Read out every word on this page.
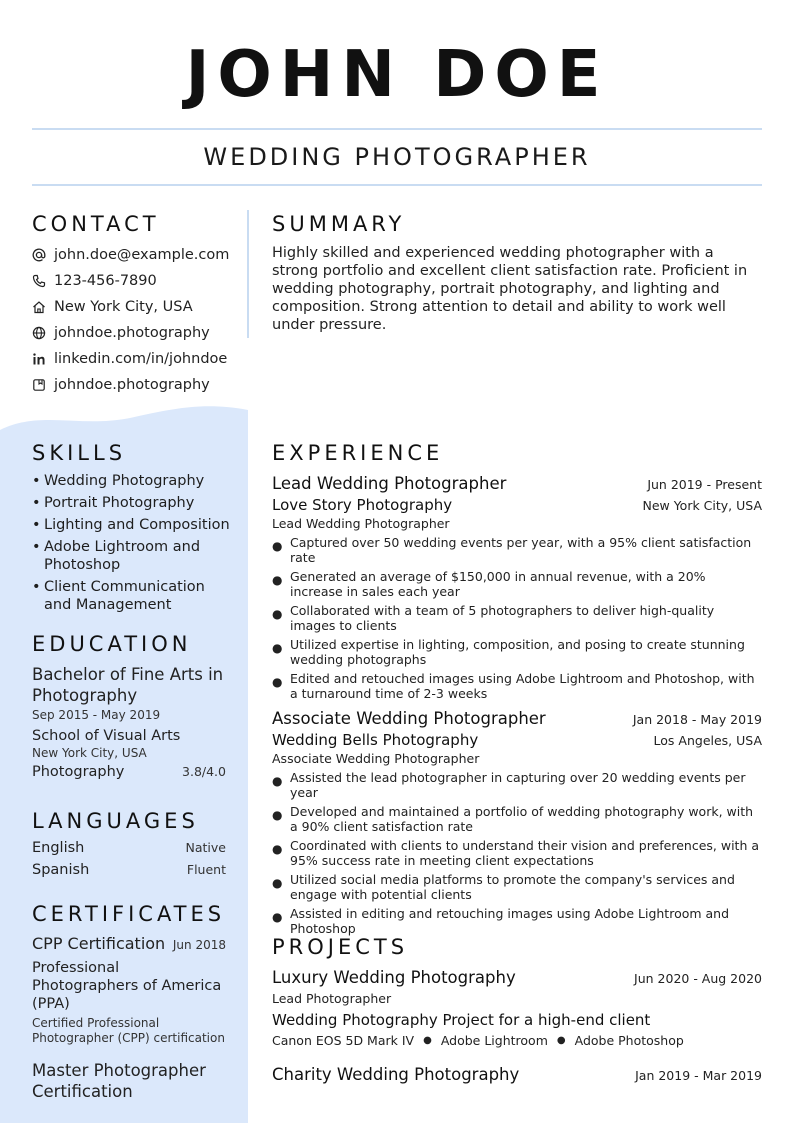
JOHN DOE
WEDDING PHOTOGRAPHER
CONTACT
john.doe@example.com
123-456-7890
New York City, USA
johndoe.photography
linkedin.com/in/johndoe
johndoe.photography
SKILLS
• Wedding Photography
• Portrait Photography
• Lighting and Composition
• Adobe Lightroom and Photoshop
• Client Communication and Management
EDUCATION
Bachelor of Fine Arts in Photography
Sep 2015 - May 2019
School of Visual Arts
New York City, USA
Photography	3.8/4.0
LANGUAGES
English	Native
Spanish	Fluent
CERTIFICATES
CPP Certification Jun 2018
Professional Photographers of America (PPA)
Certified Professional Photographer (CPP) certification
Master Photographer Certification
SUMMARY
Highly skilled and experienced wedding photographer with a strong portfolio and excellent client satisfaction rate. Proficient in wedding photography, portrait photography, and lighting and composition. Strong attention to detail and ability to work well under pressure.
EXPERIENCE
Lead Wedding Photographer	Jun 2019 - Present
Love Story Photography	New York City, USA
Lead Wedding Photographer
● Captured over 50 wedding events per year, with a 95% client satisfaction rate
● Generated an average of $150,000 in annual revenue, with a 20% increase in sales each year
● Collaborated with a team of 5 photographers to deliver high-quality images to clients
● Utilized expertise in lighting, composition, and posing to create stunning wedding photographs
● Edited and retouched images using Adobe Lightroom and Photoshop, with a turnaround time of 2-3 weeks
Associate Wedding Photographer	Jan 2018 - May 2019
Wedding Bells Photography	Los Angeles, USA
Associate Wedding Photographer
● Assisted the lead photographer in capturing over 20 wedding events per year
● Developed and maintained a portfolio of wedding photography work, with a 90% client satisfaction rate
● Coordinated with clients to understand their vision and preferences, with a 95% success rate in meeting client expectations
● Utilized social media platforms to promote the company's services and engage with potential clients
● Assisted in editing and retouching images using Adobe Lightroom and Photoshop
PROJECTS
Luxury Wedding Photography	Jun 2020 - Aug 2020
Lead Photographer
Wedding Photography Project for a high-end client
Canon EOS 5D Mark IV ● Adobe Lightroom ● Adobe Photoshop
Charity Wedding Photography	Jan 2019 - Mar 2019
